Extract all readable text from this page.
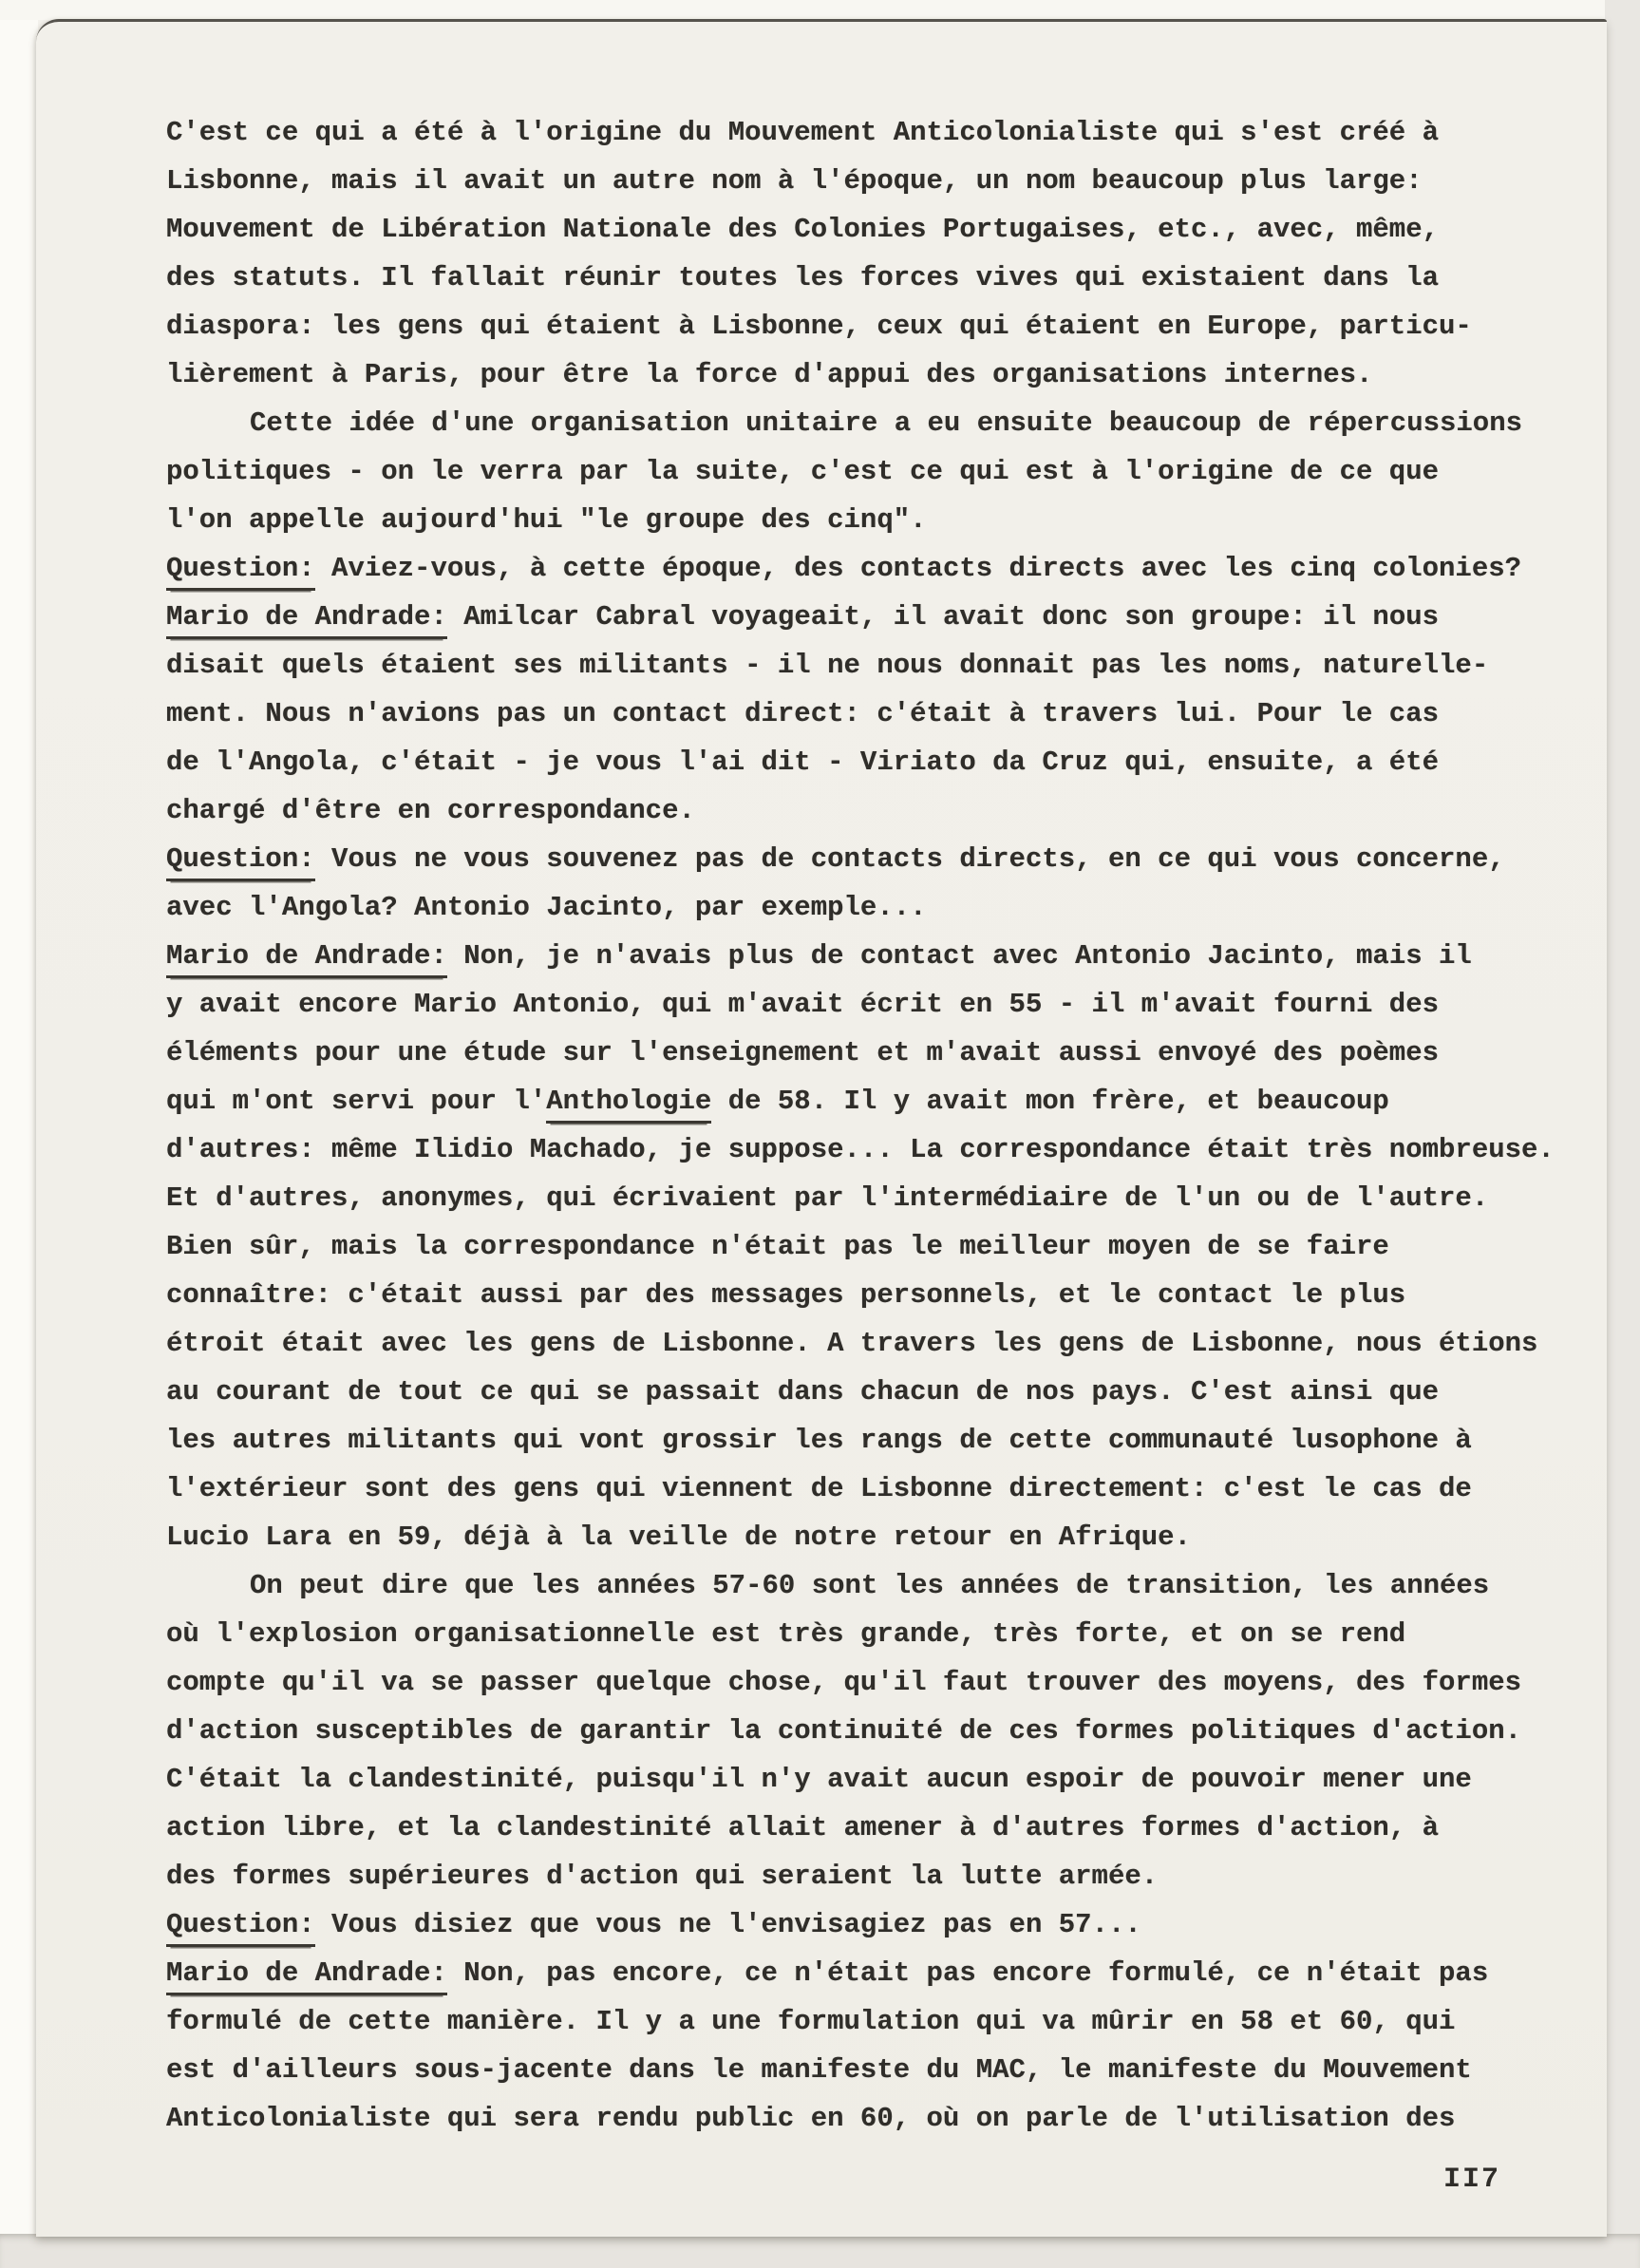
C'est ce qui a été à l'origine du Mouvement Anticolonialiste qui s'est créé à
Lisbonne, mais il avait un autre nom à l'époque, un nom beaucoup plus large:
Mouvement de Libération Nationale des Colonies Portugaises, etc., avec, même,
des statuts. Il fallait réunir toutes les forces vives qui existaient dans la
diaspora: les gens qui étaient à Lisbonne, ceux qui étaient en Europe, particu-
lièrement à Paris, pour être la force d'appui des organisations internes.
Cette idée d'une organisation unitaire a eu ensuite beaucoup de répercussions
politiques - on le verra par la suite, c'est ce qui est à l'origine de ce que
l'on appelle aujourd'hui "le groupe des cinq".
Question: Aviez-vous, à cette époque, des contacts directs avec les cinq colonies?
Mario de Andrade: Amilcar Cabral voyageait, il avait donc son groupe: il nous
disait quels étaient ses militants - il ne nous donnait pas les noms, naturelle-
ment. Nous n'avions pas un contact direct: c'était à travers lui. Pour le cas
de l'Angola, c'était - je vous l'ai dit - Viriato da Cruz qui, ensuite, a été
chargé d'être en correspondance.
Question: Vous ne vous souvenez pas de contacts directs, en ce qui vous concerne,
avec l'Angola? Antonio Jacinto, par exemple...
Mario de Andrade: Non, je n'avais plus de contact avec Antonio Jacinto, mais il
y avait encore Mario Antonio, qui m'avait écrit en 55 - il m'avait fourni des
éléments pour une étude sur l'enseignement et m'avait aussi envoyé des poèmes
qui m'ont servi pour l'Anthologie de 58. Il y avait mon frère, et beaucoup
d'autres: même Ilidio Machado, je suppose... La correspondance était très nombreuse.
Et d'autres, anonymes, qui écrivaient par l'intermédiaire de l'un ou de l'autre.
Bien sûr, mais la correspondance n'était pas le meilleur moyen de se faire
connaître: c'était aussi par des messages personnels, et le contact le plus
étroit était avec les gens de Lisbonne. A travers les gens de Lisbonne, nous étions
au courant de tout ce qui se passait dans chacun de nos pays. C'est ainsi que
les autres militants qui vont grossir les rangs de cette communauté lusophone à
l'extérieur sont des gens qui viennent de Lisbonne directement: c'est le cas de
Lucio Lara en 59, déjà à la veille de notre retour en Afrique.
On peut dire que les années 57-60 sont les années de transition, les années
où l'explosion organisationnelle est très grande, très forte, et on se rend
compte qu'il va se passer quelque chose, qu'il faut trouver des moyens, des formes
d'action susceptibles de garantir la continuité de ces formes politiques d'action.
C'était la clandestinité, puisqu'il n'y avait aucun espoir de pouvoir mener une
action libre, et la clandestinité allait amener à d'autres formes d'action, à
des formes supérieures d'action qui seraient la lutte armée.
Question: Vous disiez que vous ne l'envisagiez pas en 57...
Mario de Andrade: Non, pas encore, ce n'était pas encore formulé, ce n'était pas
formulé de cette manière. Il y a une formulation qui va mûrir en 58 et 60, qui
est d'ailleurs sous-jacente dans le manifeste du MAC, le manifeste du Mouvement
Anticolonialiste qui sera rendu public en 60, où on parle de l'utilisation des
II7
